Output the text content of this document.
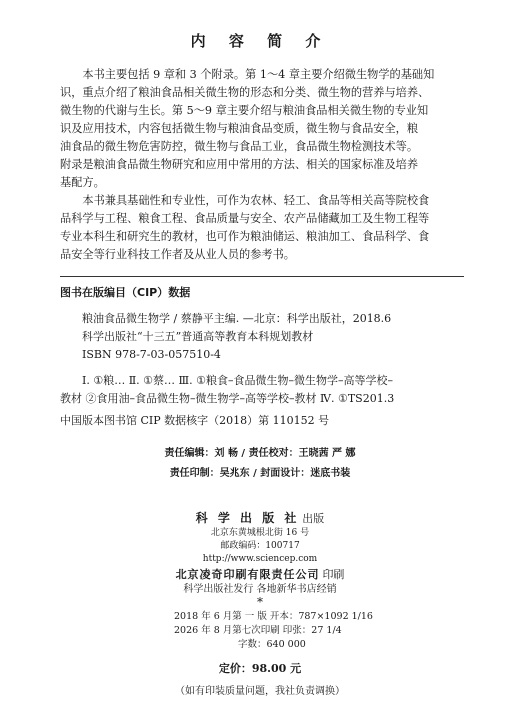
内 容 简 介

本书主要包括 9 章和 3 个附录。第 1～4 章主要介绍微生物学的基础知

识，重点介绍了粮油食品相关微生物的形态和分类、微生物的营养与培养、
微生物的代谢与生长。第 5～9 章主要介绍与粮油食品相关微生物的专业知
识及应用技术，内容包括微生物与粮油食品变质，微生物与食品安全，粮
油食品的微生物危害防控，微生物与食品工业，食品微生物检测技术等。
附录是粮油食品微生物研究和应用中常用的方法、相关的国家标准及培养
基配方。

本书兼具基础性和专业性，可作为农林、轻工、食品等相关高等院校食

品科学与工程、粮食工程、食品质量与安全、农产品储藏加工及生物工程等
专业本科生和研究生的教材，也可作为粮油储运、粮油加工、食品科学、食
品安全等行业科技工作者及从业人员的参考书。
图书在版编目（CIP）数据
粮油食品微生物学 / 蔡静平主编. —北京：科学出版社，2018.6
科学出版社“十三五”普通高等教育本科规划教材
ISBN 978-7-03-057510-4
Ⅰ. ①粮… Ⅱ. ①蔡… Ⅲ. ①粮食–食品微生物–微生物学–高等学校–
教材 ②食用油–食品微生物–微生物学–高等学校–教材 Ⅳ. ①TS201.3
中国版本图书馆 CIP 数据核字（2018）第 110152 号
责任编辑：刘 畅 / 责任校对：王晓茜 严 娜
责任印制：吴兆东 / 封面设计：迷底书装
科 学 出 版 社 出版
北京东黄城根北街 16 号
邮政编码：100717
http://www.sciencep.com
北京凌奇印刷有限责任公司 印刷
科学出版社发行 各地新华书店经销
*
2018 年 6 月第 一 版 开本：787×1092 1/16
2026 年 8 月第七次印刷 印张：27 1/4
字数：640 000
定价：98.00 元
（如有印装质量问题，我社负责调换）
